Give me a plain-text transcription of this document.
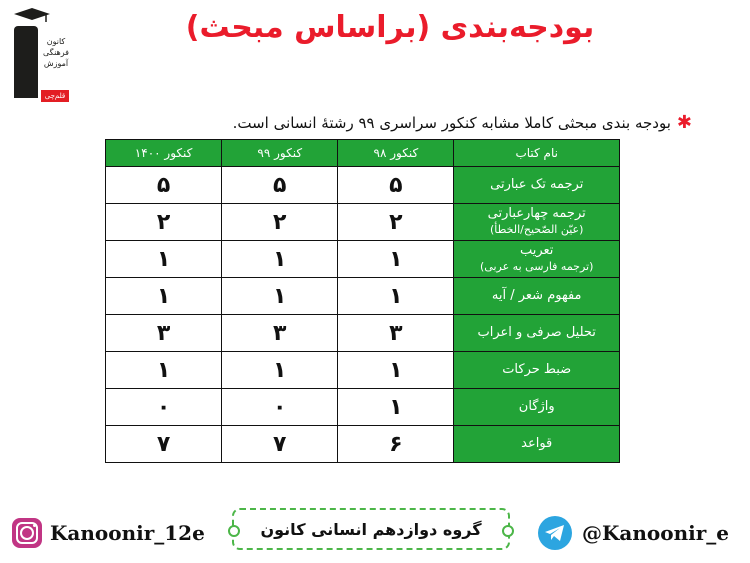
کانون فرهنگی آموزش
قلم‌چی
بودجه‌بندی (براساس مبحث)
✱بودجه بندی مبحثی کاملا مشابه کنکور سراسری ۹۹ رشتۀ انسانی است.
نام کتاب	کنکور ۹۸	کنکور ۹۹	کنکور ۱۴۰۰
ترجمه تک عبارتی	۵	۵	۵
ترجمه چهارعبارتی
(عیّن الصّحیح/الخطأ)	۲	۲	۲
تعریب
(ترجمه فارسی به عربی)	۱	۱	۱
مفهوم شعر / آیه	۱	۱	۱
تحلیل صرفی و اعراب	۳	۳	۳
ضبط حرکات	۱	۱	۱
واژگان	۱	۰	۰
قواعد	۶	۷	۷
Kanoonir_12e	گروه دوازدهم انسانی کانون	@Kanoonir_e
